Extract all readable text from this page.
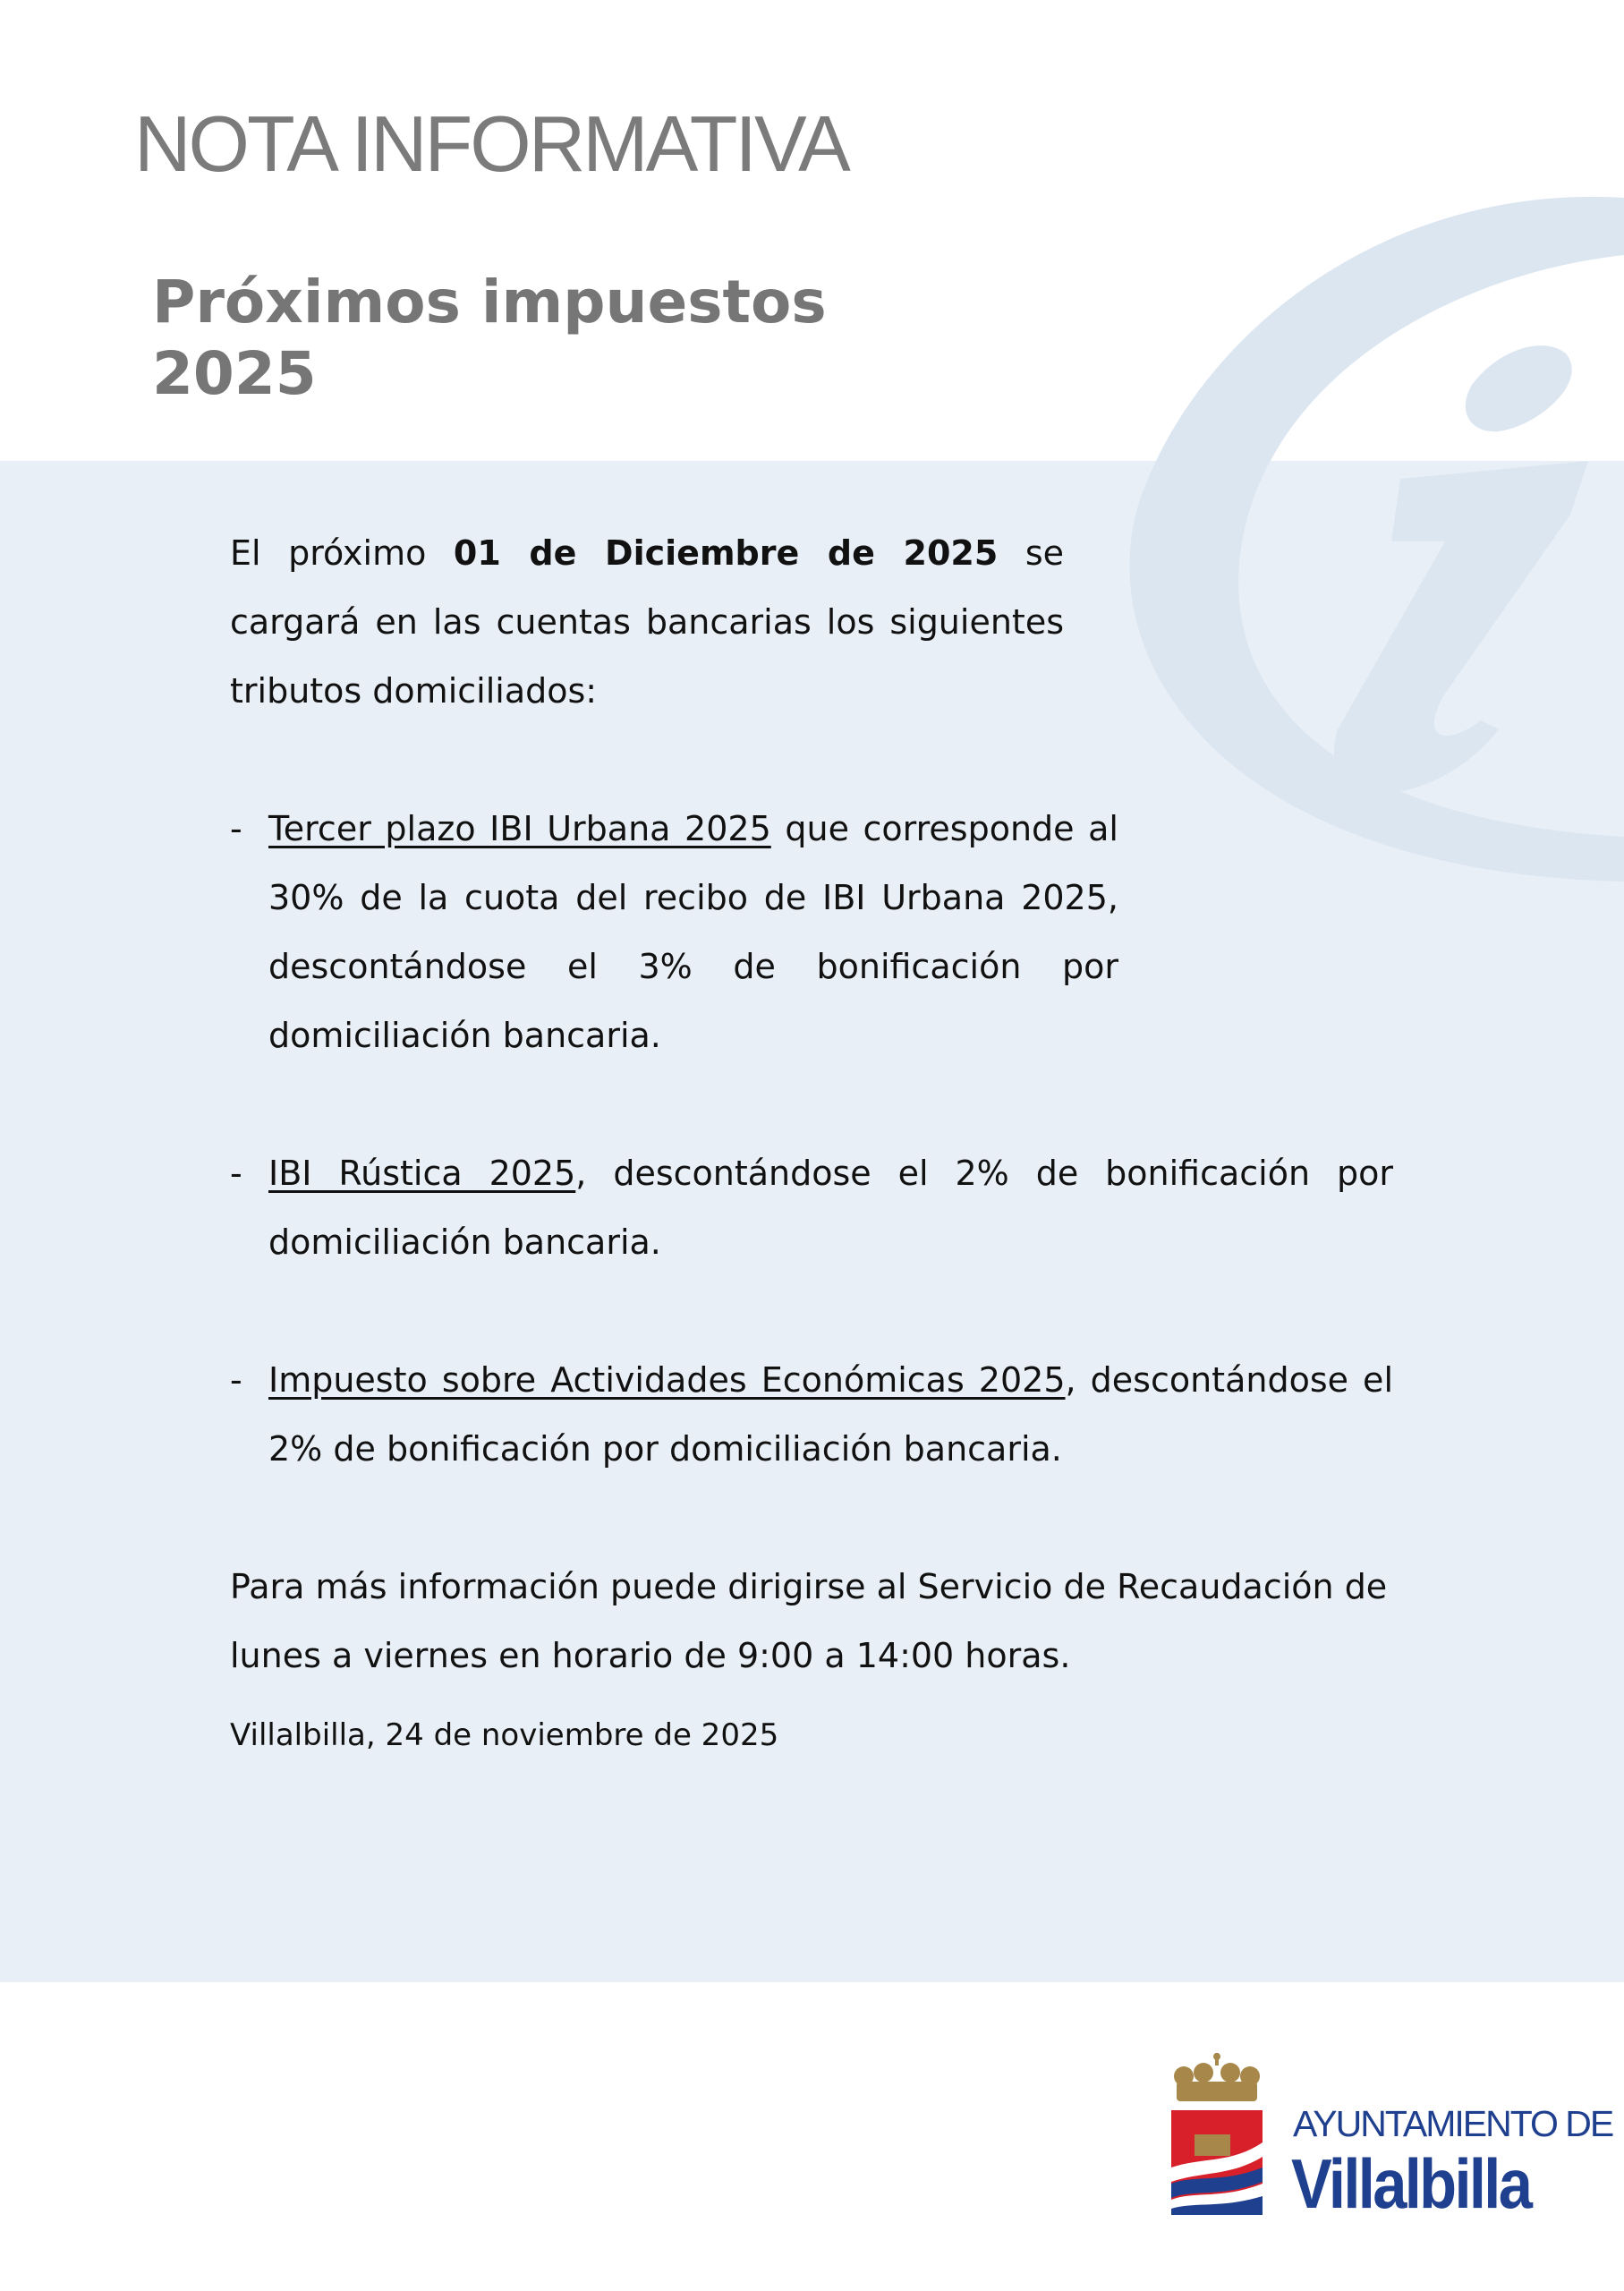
NOTA INFORMATIVA
Próximos impuestos
2025

El próximo 01 de Diciembre de 2025 se cargará en las cuentas bancarias los siguientes tributos domiciliados:

- Tercer plazo IBI Urbana 2025 que corresponde al 30% de la cuota del recibo de IBI Urbana 2025, descontándose el 3% de bonificación por domiciliación bancaria.

- IBI Rústica 2025, descontándose el 2% de bonificación por domiciliación bancaria.

- Impuesto sobre Actividades Económicas 2025, descontándose el 2% de bonificación por domiciliación bancaria.

Para más información puede dirigirse al Servicio de Recaudación de lunes a viernes en horario de 9:00 a 14:00 horas.

Villalbilla, 24 de noviembre de 2025
AYUNTAMIENTO DE
Villalbilla
